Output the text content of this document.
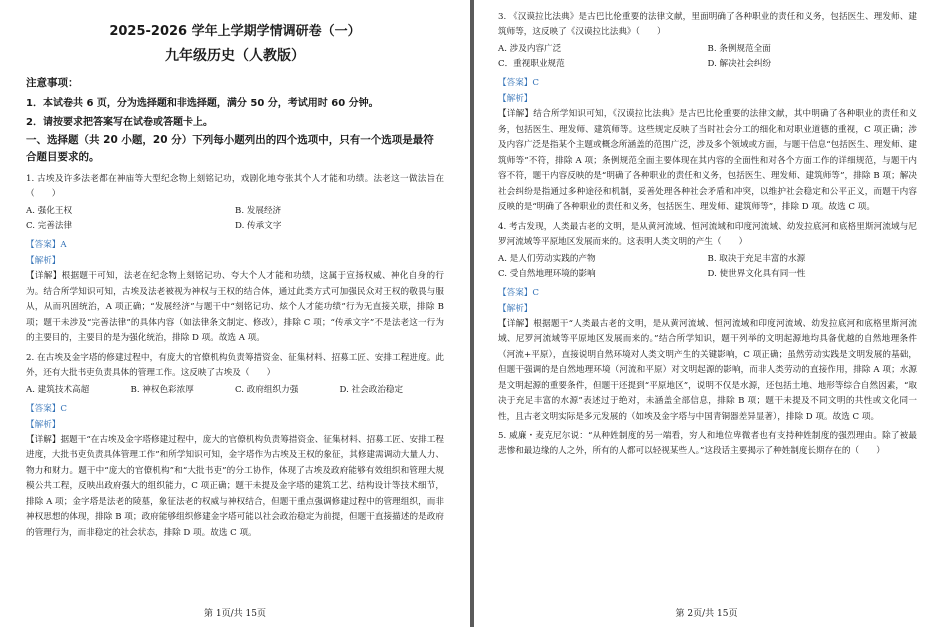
2025-2026 学年上学期学情调研卷（一）

九年级历史（人教版）

注意事项：

1．本试卷共 6 页，分为选择题和非选择题，满分 50 分，考试用时 60 分钟。

2．请按要求把答案写在试卷或答题卡上。

一、选择题（共 20 小题，20 分）下列每小题列出的四个选项中，只有一个选项是最符合题目要求的。

1. 古埃及许多法老都在神庙等大型纪念物上刻铭记功，戏剧化地夸张其个人才能和功绩。法老这一做法旨在（　　）

A. 强化王权	B. 发展经济
C. 完善法律	D. 传承文字

【答案】A

【解析】

【详解】根据题干可知，法老在纪念物上刻铭记功、夸大个人才能和功绩，这属于宣扬权威、神化自身的行为。结合所学知识可知，古埃及法老被视为神权与王权的结合体，通过此类方式可加强民众对王权的敬畏与服从，从而巩固统治，A 项正确；“发展经济”与题干中“刻铭记功、炫个人才能功绩”行为无直接关联，排除 B 项；题干未涉及“完善法律”的具体内容（如法律条文制定、修改），排除 C 项；“传承文字”不是法老这一行为的主要目的，主要目的是为强化统治，排除 D 项。故选 A 项。

2. 在古埃及金字塔的修建过程中，有庞大的官僚机构负责筹措资金、征集材料、招募工匠、安排工程进度。此外，还有大批书吏负责具体的管理工作。这反映了古埃及（　　）

A. 建筑技术高超	B. 神权色彩浓厚	C. 政府组织力强	D. 社会政治稳定

【答案】C

【解析】

【详解】据题干“在古埃及金字塔修建过程中，庞大的官僚机构负责筹措资金、征集材料、招募工匠、安排工程进度，大批书吏负责具体管理工作”和所学知识可知，金字塔作为古埃及王权的象征，其修建需调动大量人力、物力和财力。题干中“庞大的官僚机构”和“大批书吏”的分工协作，体现了古埃及政府能够有效组织和管理大规模公共工程，反映出政府强大的组织能力，C 项正确；题干未提及金字塔的建筑工艺、结构设计等技术细节，排除 A 项；金字塔是法老的陵墓，象征法老的权威与神权结合，但题干重点强调修建过程中的管理组织，而非神权思想的体现，排除 B 项；政府能够组织修建金字塔可能以社会政治稳定为前提，但题干直接描述的是政府的管理行为，而非稳定的社会状态，排除 D 项。故选 C 项。

第 1页/共 15页

3. 《汉谟拉比法典》是古巴比伦重要的法律文献，里面明确了各种职业的责任和义务，包括医生、理发师、建筑师等，这反映了《汉谟拉比法典》（　　）

A. 涉及内容广泛	B. 条例规范全面
C．重视职业规范	D. 解决社会纠纷

【答案】C

【解析】

【详解】结合所学知识可知，《汉谟拉比法典》是古巴比伦重要的法律文献，其中明确了各种职业的责任和义务，包括医生、理发师、建筑师等。这些规定反映了当时社会分工的细化和对职业道德的重视，C 项正确；涉及内容广泛是指某个主题或概念所涵盖的范围广泛，涉及多个领域或方面，与题干信息“包括医生、理发师、建筑师等”不符，排除 A 项；条例规范全面主要体现在其内容的全面性和对各个方面工作的详细规范，与题干内容不符，题干内容反映的是“明确了各种职业的责任和义务，包括医生、理发师、建筑师等”，排除 B 项；解决社会纠纷是指通过多种途径和机制，妥善处理各种社会矛盾和冲突，以维护社会稳定和公平正义，而题干内容反映的是“明确了各种职业的责任和义务，包括医生、理发师、建筑师等”，排除 D 项。故选 C 项。

4. 考古发现，人类最古老的文明，是从黄河流域、恒河流域和印度河流域、幼发拉底河和底格里斯河流域与尼罗河流域等平原地区发展而来的。这表明人类文明的产生（　　）

A. 是人们劳动实践的产物	B. 取决于充足丰富的水源
C. 受自然地理环境的影响	D. 使世界文化具有同一性

【答案】C

【解析】

【详解】根据题干“人类最古老的文明，是从黄河流域、恒河流域和印度河流域、幼发拉底河和底格里斯河流域、尼罗河流域等平原地区发展而来的。”结合所学知识，题干列举的文明起源地均具备优越的自然地理条件（河流+平原），直接说明自然环境对人类文明产生的关键影响，C 项正确；虽然劳动实践是文明发展的基础，但题干强调的是自然地理环境（河流和平原）对文明起源的影响，而非人类劳动的直接作用，排除 A 项；水源是文明起源的重要条件，但题干还提到“平原地区”，说明不仅是水源，还包括土地、地形等综合自然因素，“取决于充足丰富的水源”表述过于绝对，未涵盖全部信息，排除 B 项；题干未提及不同文明的共性或文化同一性，且古老文明实际是多元发展的（如埃及金字塔与中国青铜器差异显著），排除 D 项。故选 C 项。

5. 威廉・麦克尼尔说：“从种姓制度的另一端看，穷人和地位卑微者也有支持种姓制度的强烈理由。除了被最悲惨和最边缘的人之外，所有的人都可以轻视某些人。”这段话主要揭示了种姓制度长期存在的（　　）

第 2页/共 15页
